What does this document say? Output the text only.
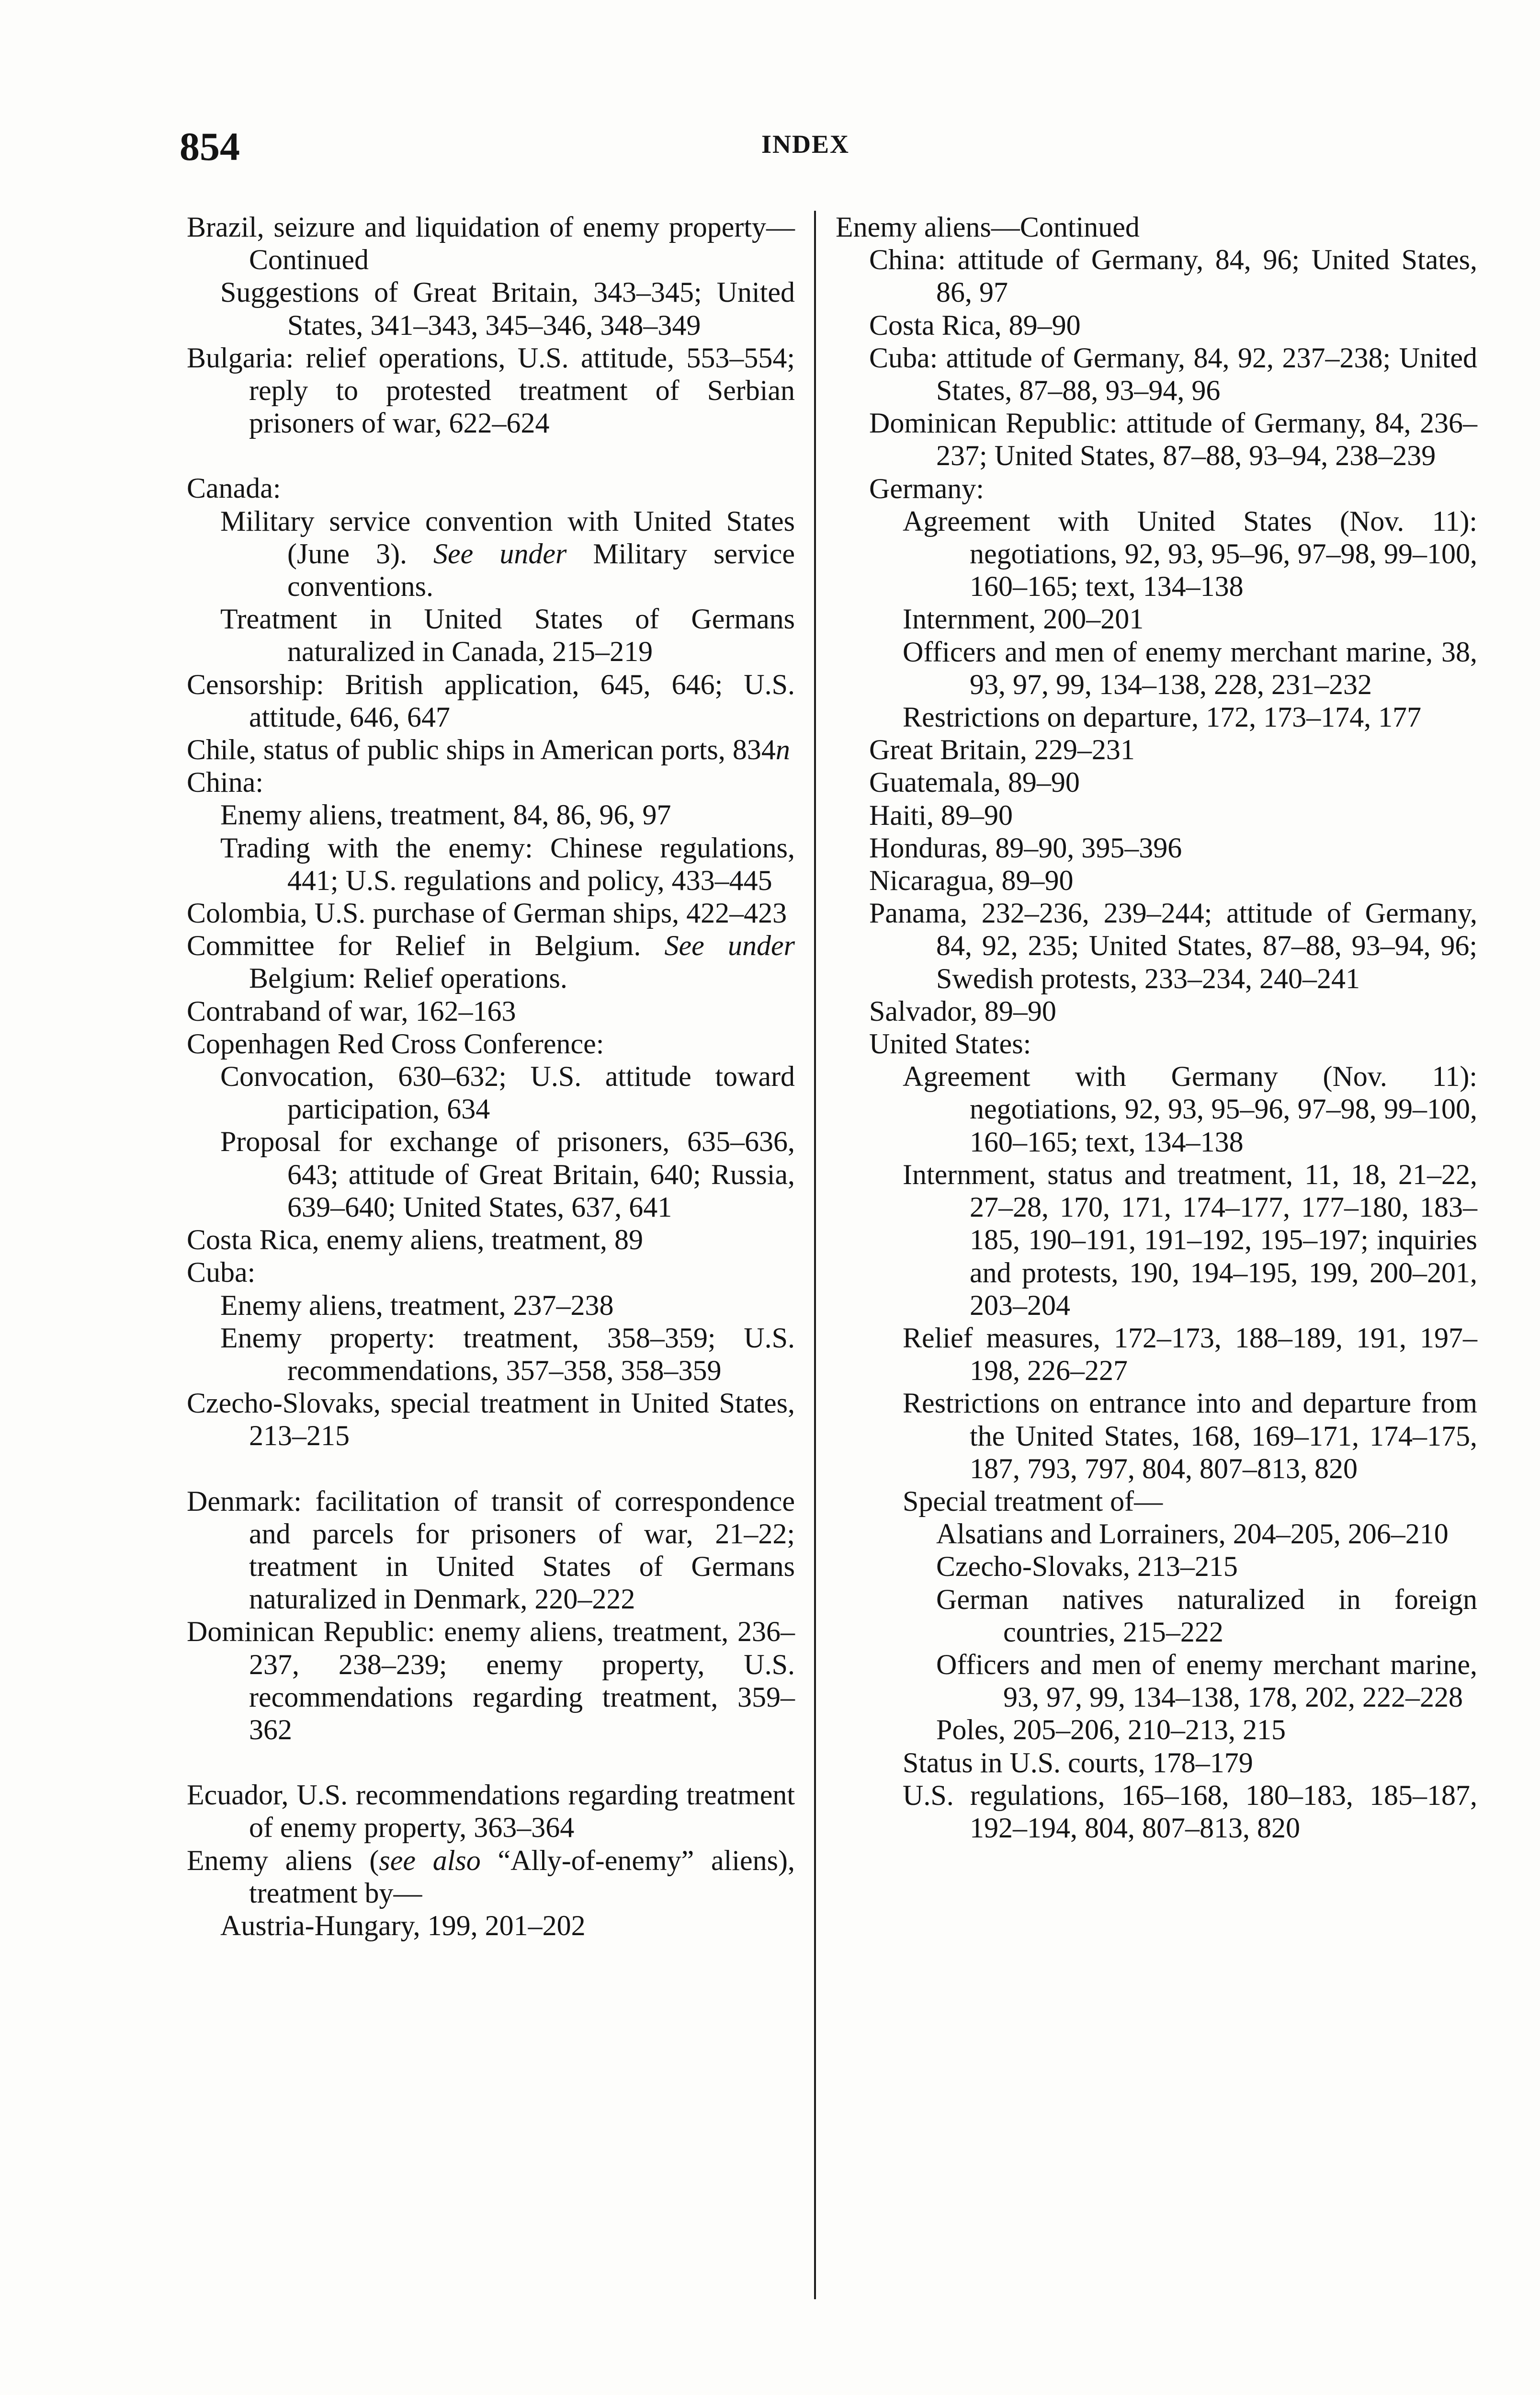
854	INDEX
Brazil, seizure and liquidation of enemy property—Continued
Suggestions of Great Britain, 343–345; United States, 341–343, 345–346, 348–349
Bulgaria: relief operations, U.S. attitude, 553–554; reply to protested treatment of Serbian prisoners of war, 622–624
Canada:
Military service convention with United States (June 3). See under Military service conventions.
Treatment in United States of Germans naturalized in Canada, 215–219
Censorship: British application, 645, 646; U.S. attitude, 646, 647
Chile, status of public ships in American ports, 834n
China:
Enemy aliens, treatment, 84, 86, 96, 97
Trading with the enemy: Chinese regulations, 441; U.S. regulations and policy, 433–445
Colombia, U.S. purchase of German ships, 422–423
Committee for Relief in Belgium. See under Belgium: Relief operations.
Contraband of war, 162–163
Copenhagen Red Cross Conference:
Convocation, 630–632; U.S. attitude toward participation, 634
Proposal for exchange of prisoners, 635–636, 643; attitude of Great Britain, 640; Russia, 639–640; United States, 637, 641
Costa Rica, enemy aliens, treatment, 89
Cuba:
Enemy aliens, treatment, 237–238
Enemy property: treatment, 358–359; U.S. recommendations, 357–358, 358–359
Czecho-Slovaks, special treatment in United States, 213–215
Denmark: facilitation of transit of correspondence and parcels for prisoners of war, 21–22; treatment in United States of Germans naturalized in Denmark, 220–222
Dominican Republic: enemy aliens, treatment, 236–237, 238–239; enemy property, U.S. recommendations regarding treatment, 359–362
Ecuador, U.S. recommendations regarding treatment of enemy property, 363–364
Enemy aliens (see also “Ally-of-enemy” aliens), treatment by—
Austria-Hungary, 199, 201–202
Enemy aliens—Continued
China: attitude of Germany, 84, 96; United States, 86, 97
Costa Rica, 89–90
Cuba: attitude of Germany, 84, 92, 237–238; United States, 87–88, 93–94, 96
Dominican Republic: attitude of Germany, 84, 236–237; United States, 87–88, 93–94, 238–239
Germany:
Agreement with United States (Nov. 11): negotiations, 92, 93, 95–96, 97–98, 99–100, 160–165; text, 134–138
Internment, 200–201
Officers and men of enemy merchant marine, 38, 93, 97, 99, 134–138, 228, 231–232
Restrictions on departure, 172, 173–174, 177
Great Britain, 229–231
Guatemala, 89–90
Haiti, 89–90
Honduras, 89–90, 395–396
Nicaragua, 89–90
Panama, 232–236, 239–244; attitude of Germany, 84, 92, 235; United States, 87–88, 93–94, 96; Swedish protests, 233–234, 240–241
Salvador, 89–90
United States:
Agreement with Germany (Nov. 11): negotiations, 92, 93, 95–96, 97–98, 99–100, 160–165; text, 134–138
Internment, status and treatment, 11, 18, 21–22, 27–28, 170, 171, 174–177, 177–180, 183–185, 190–191, 191–192, 195–197; inquiries and protests, 190, 194–195, 199, 200–201, 203–204
Relief measures, 172–173, 188–189, 191, 197–198, 226–227
Restrictions on entrance into and departure from the United States, 168, 169–171, 174–175, 187, 793, 797, 804, 807–813, 820
Special treatment of—
Alsatians and Lorrainers, 204–205, 206–210
Czecho-Slovaks, 213–215
German natives naturalized in foreign countries, 215–222
Officers and men of enemy merchant marine, 93, 97, 99, 134–138, 178, 202, 222–228
Poles, 205–206, 210–213, 215
Status in U.S. courts, 178–179
U.S. regulations, 165–168, 180–183, 185–187, 192–194, 804, 807–813, 820
